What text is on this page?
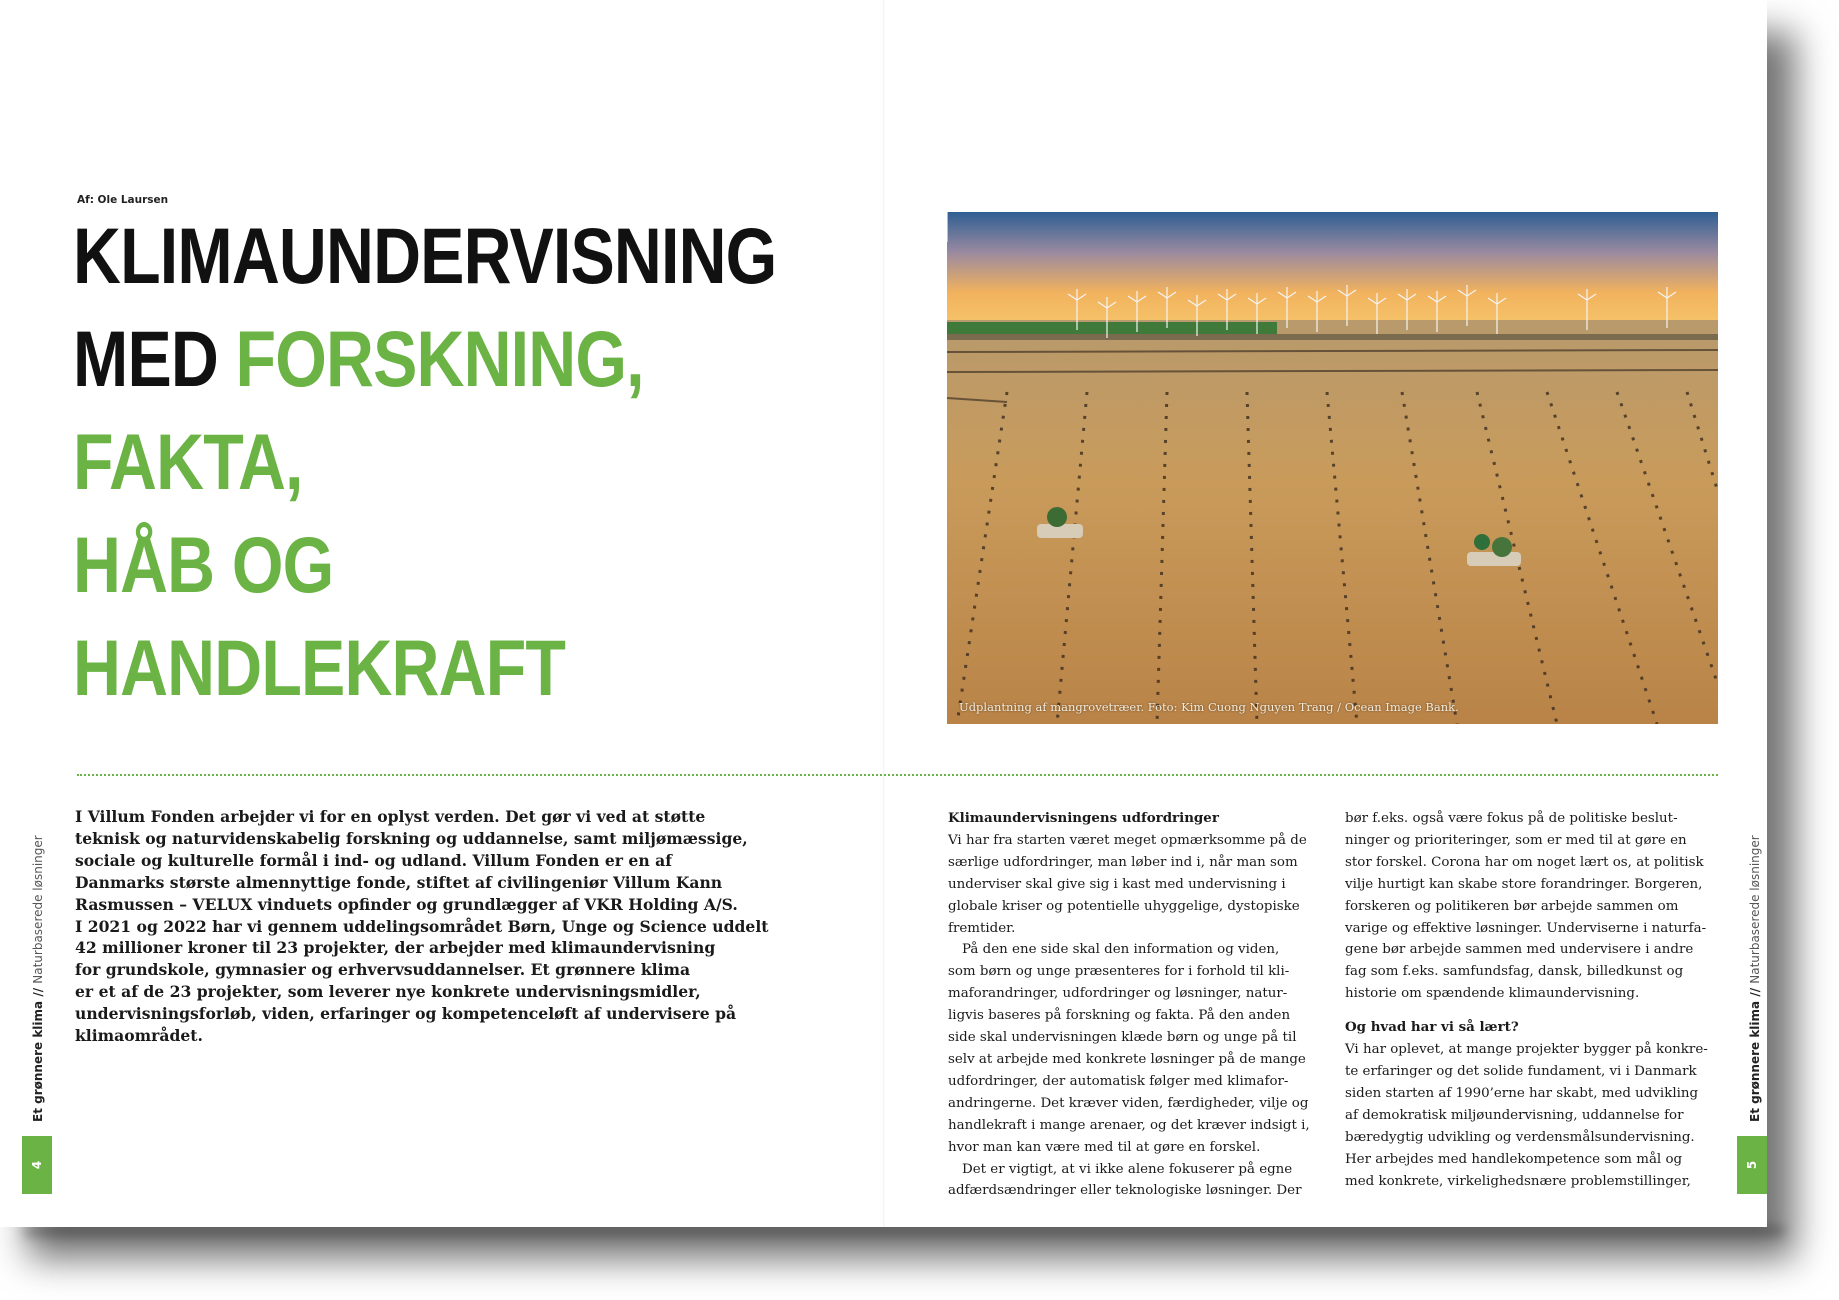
Af: Ole Laursen
KLIMAUNDERVISNING
MED FORSKNING, FAKTA,
HÅB OG HANDLEKRAFT	Udplantning af mangrovetræer. Foto: Kim Cuong Nguyen Trang / Ocean Image Bank.

I Villum Fonden arbejder vi for en oplyst verden. Det gør vi ved at støtte

teknisk og naturvidenskabelig forskning og uddannelse, samt miljømæssige,

sociale og kulturelle formål i ind- og udland. Villum Fonden er en af

Danmarks største almennyttige fonde, stiftet af civilingeniør Villum Kann

Rasmussen – VELUX vinduets opfinder og grundlægger af VKR Holding A/S.

I 2021 og 2022 har vi gennem uddelingsområdet Børn, Unge og Science uddelt

42 millioner kroner til 23 projekter, der arbejder med klimaundervisning

for grundskole, gymnasier og erhvervsuddannelser. Et grønnere klima

er et af de 23 projekter, som leverer nye konkrete undervisningsmidler,

undervisningsforløb, viden, erfaringer og kompetenceløft af undervisere på

klimaområdet.

Klimaundervisningens udfordringer

Vi har fra starten været meget opmærksomme på de

særlige udfordringer, man løber ind i, når man som

underviser skal give sig i kast med undervisning i

globale kriser og potentielle uhyggelige, dystopiske

fremtider.

På den ene side skal den information og viden,

som børn og unge præsenteres for i forhold til kli-

maforandringer, udfordringer og løsninger, natur-

ligvis baseres på forskning og fakta. På den anden

side skal undervisningen klæde børn og unge på til

selv at arbejde med konkrete løsninger på de mange

udfordringer, der automatisk følger med klimafor-

andringerne. Det kræver viden, færdigheder, vilje og

handlekraft i mange arenaer, og det kræver indsigt i,

hvor man kan være med til at gøre en forskel.

Det er vigtigt, at vi ikke alene fokuserer på egne

adfærdsændringer eller teknologiske løsninger. Der

bør f.eks. også være fokus på de politiske beslut-

ninger og prioriteringer, som er med til at gøre en

stor forskel. Corona har om noget lært os, at politisk

vilje hurtigt kan skabe store forandringer. Borgeren,

forskeren og politikeren bør arbejde sammen om

varige og effektive løsninger. Underviserne i naturfa-

gene bør arbejde sammen med undervisere i andre

fag som f.eks. samfundsfag, dansk, billedkunst og

historie om spændende klimaundervisning.

Og hvad har vi så lært?

Vi har oplevet, at mange projekter bygger på konkre-

te erfaringer og det solide fundament, vi i Danmark

siden starten af 1990’erne har skabt, med udvikling

af demokratisk miljøundervisning, uddannelse for

bæredygtig udvikling og verdensmålsundervisning.

Her arbejdes med handlekompetence som mål og

med konkrete, virkelighedsnære problemstillinger,

Et grønnere klima // Naturbaserede løsninger
4
Et grønnere klima // Naturbaserede løsninger
5
